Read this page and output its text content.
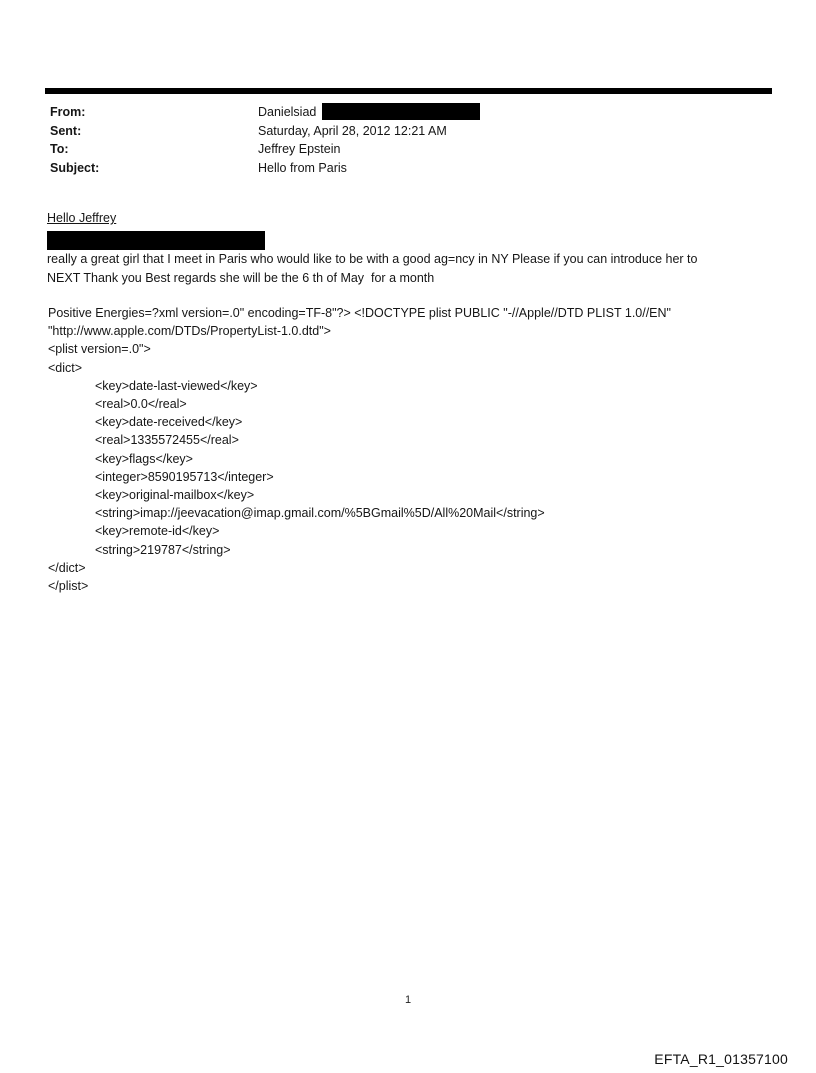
From:	Danielsiad
Sent:	Saturday, April 28, 2012 12:21 AM
To:	Jeffrey Epstein
Subject:	Hello from Paris
Hello Jeffrey
really a great girl that I meet in Paris who would like to be with a good ag=ncy in NY Please if you can introduce her to
NEXT Thank you Best regards she will be the 6 th of May  for a month
Positive Energies=?xml version=.0" encoding=TF-8"?> <!DOCTYPE plist PUBLIC "-//Apple//DTD PLIST 1.0//EN"
"http://www.apple.com/DTDs/PropertyList-1.0.dtd">
<plist version=.0">
<dict>
<key>date-last-viewed</key>
<real>0.0</real>
<key>date-received</key>
<real>1335572455</real>
<key>flags</key>
<integer>8590195713</integer>
<key>original-mailbox</key>
<string>imap://jeevacation@imap.gmail.com/%5BGmail%5D/All%20Mail</string>
<key>remote-id</key>
<string>219787</string>
</dict>
</plist>
1
EFTA_R1_01357100
